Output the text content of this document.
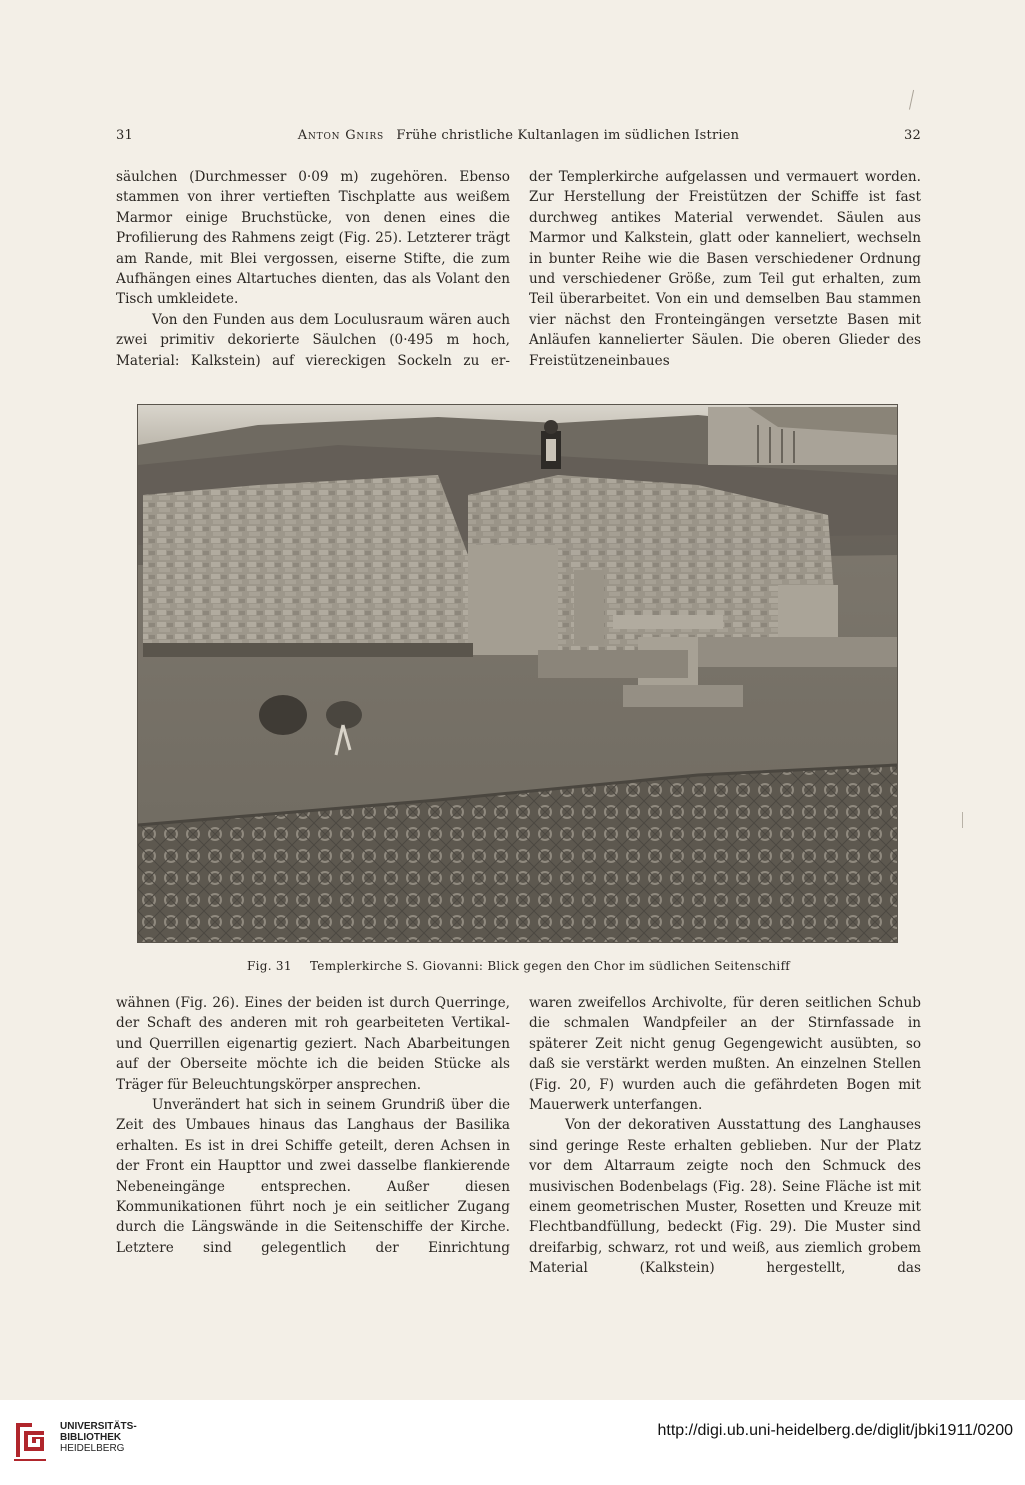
31	Anton Gnirs Frühe christliche Kultanlagen im südlichen Istrien	32

säulchen (Durchmesser 0·09 m) zugehören. Ebenso stammen von ihrer vertieften Tischplatte aus weißem Marmor einige Bruchstücke, von denen eines die Profilierung des Rahmens zeigt (Fig. 25). Letzterer trägt am Rande, mit Blei vergossen, eiserne Stifte, die zum Aufhängen eines Altartuches dienten, das als Volant den Tisch umkleidete.

Von den Funden aus dem Loculusraum wären auch zwei primitiv dekorierte Säulchen (0·495 m hoch, Material: Kalkstein) auf viereckigen Sockeln zu er-

der Templerkirche aufgelassen und vermauert worden. Zur Herstellung der Freistützen der Schiffe ist fast durchweg antikes Material verwendet. Säulen aus Marmor und Kalkstein, glatt oder kanneliert, wechseln in bunter Reihe wie die Basen verschiedener Ordnung und verschiedener Größe, zum Teil gut erhalten, zum Teil überarbeitet. Von ein und demselben Bau stammen vier nächst den Fronteingängen versetzte Basen mit Anläufen kannelierter Säulen. Die oberen Glieder des Freistützeneinbaues

Fig. 31 Templerkirche S. Giovanni: Blick gegen den Chor im südlichen Seitenschiff

wähnen (Fig. 26). Eines der beiden ist durch Querringe, der Schaft des anderen mit roh gearbeiteten Vertikal- und Querrillen eigenartig geziert. Nach Abarbeitungen auf der Oberseite möchte ich die beiden Stücke als Träger für Beleuchtungskörper ansprechen.

Unverändert hat sich in seinem Grundriß über die Zeit des Umbaues hinaus das Langhaus der Basilika erhalten. Es ist in drei Schiffe geteilt, deren Achsen in der Front ein Haupttor und zwei dasselbe flankierende Nebeneingänge entsprechen. Außer diesen Kommunikationen führt noch je ein seitlicher Zugang durch die Längswände in die Seitenschiffe der Kirche. Letztere sind gelegentlich der Einrichtung

waren zweifellos Archivolte, für deren seitlichen Schub die schmalen Wandpfeiler an der Stirnfassade in späterer Zeit nicht genug Gegengewicht ausübten, so daß sie verstärkt werden mußten. An einzelnen Stellen (Fig. 20, F) wurden auch die gefährdeten Bogen mit Mauerwerk unterfangen.

Von der dekorativen Ausstattung des Langhauses sind geringe Reste erhalten geblieben. Nur der Platz vor dem Altarraum zeigte noch den Schmuck des musivischen Bodenbelags (Fig. 28). Seine Fläche ist mit einem geometrischen Muster, Rosetten und Kreuze mit Flechtbandfüllung, bedeckt (Fig. 29). Die Muster sind dreifarbig, schwarz, rot und weiß, aus ziemlich grobem Material (Kalkstein) hergestellt, das

UNIVERSITÄTS-
BIBLIOTHEK
HEIDELBERG
http://digi.ub.uni-heidelberg.de/diglit/jbki1911/0200
